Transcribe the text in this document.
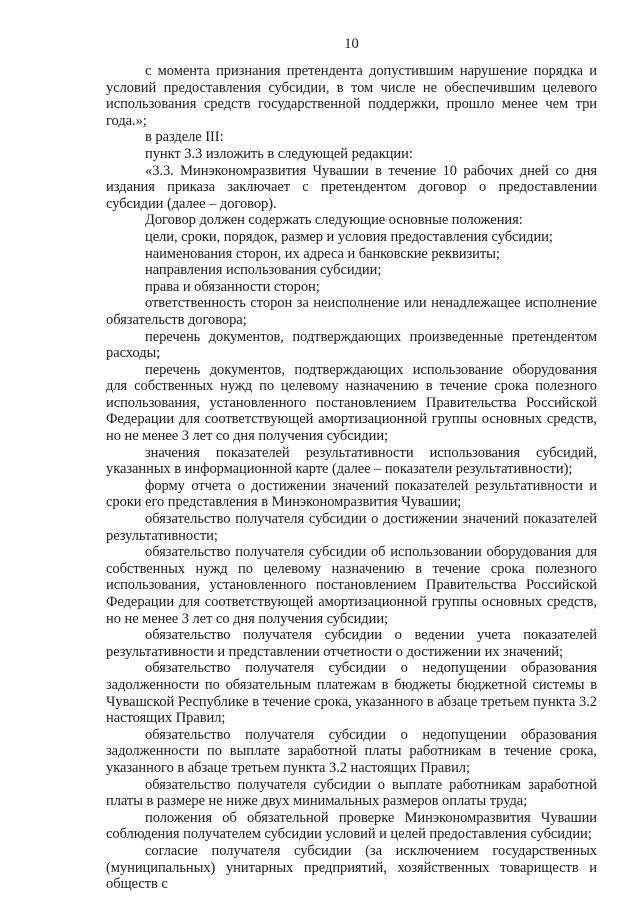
10

с момента признания претендента допустившим нарушение порядка и условий предоставления субсидии, в том числе не обеспечившим целевого использования средств государственной поддержки, прошло менее чем три года.»;

в разделе III:

пункт 3.3 изложить в следующей редакции:

«3.3. Минэкономразвития Чувашии в течение 10 рабочих дней со дня издания приказа заключает с претендентом договор о предоставлении субсидии (далее – договор).

Договор должен содержать следующие основные положения:

цели, сроки, порядок, размер и условия предоставления субсидии;

наименования сторон, их адреса и банковские реквизиты;

направления использования субсидии;

права и обязанности сторон;

ответственность сторон за неисполнение или ненадлежащее исполнение обязательств договора;

перечень документов, подтверждающих произведенные претендентом расходы;

перечень документов, подтверждающих использование оборудования для собственных нужд по целевому назначению в течение срока полезного использования, установленного постановлением Правительства Российской Федерации для соответствующей амортизационной группы основных средств, но не менее 3 лет со дня получения субсидии;

значения показателей результативности использования субсидий, указанных в информационной карте (далее – показатели результативности);

форму отчета о достижении значений показателей результативности и сроки его представления в Минэкономразвития Чувашии;

обязательство получателя субсидии о достижении значений показателей результативности;

обязательство получателя субсидии об использовании оборудования для собственных нужд по целевому назначению в течение срока полезного использования, установленного постановлением Правительства Российской Федерации для соответствующей амортизационной группы основных средств, но не менее 3 лет со дня получения субсидии;

обязательство получателя субсидии о ведении учета показателей результативности и представлении отчетности о достижении их значений;

обязательство получателя субсидии о недопущении образования задолженности по обязательным платежам в бюджеты бюджетной системы в Чувашской Республике в течение срока, указанного в абзаце третьем пункта 3.2 настоящих Правил;

обязательство получателя субсидии о недопущении образования задолженности по выплате заработной платы работникам в течение срока, указанного в абзаце третьем пункта 3.2 настоящих Правил;

обязательство получателя субсидии о выплате работникам заработной платы в размере не ниже двух минимальных размеров оплаты труда;

положения об обязательной проверке Минэкономразвития Чувашии соблюдения получателем субсидии условий и целей предоставления субсидии;

согласие получателя субсидии (за исключением государственных (муниципальных) унитарных предприятий, хозяйственных товариществ и обществ с
